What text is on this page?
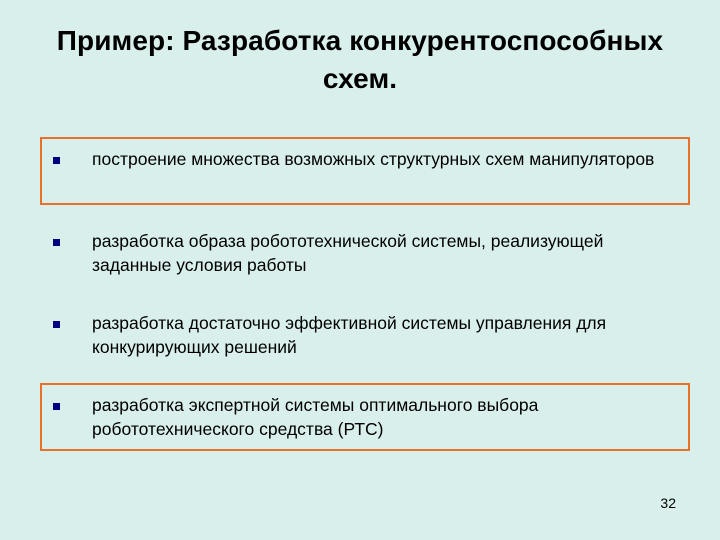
Пример: Разработка конкурентоспособных
схем.
построение множества возможных структурных схем манипуляторов
разработка образа робототехнической системы, реализующей заданные условия работы
разработка достаточно эффективной системы управления для конкурирующих решений
разработка экспертной системы оптимального выбора робототехнического средства (РТС)
32
